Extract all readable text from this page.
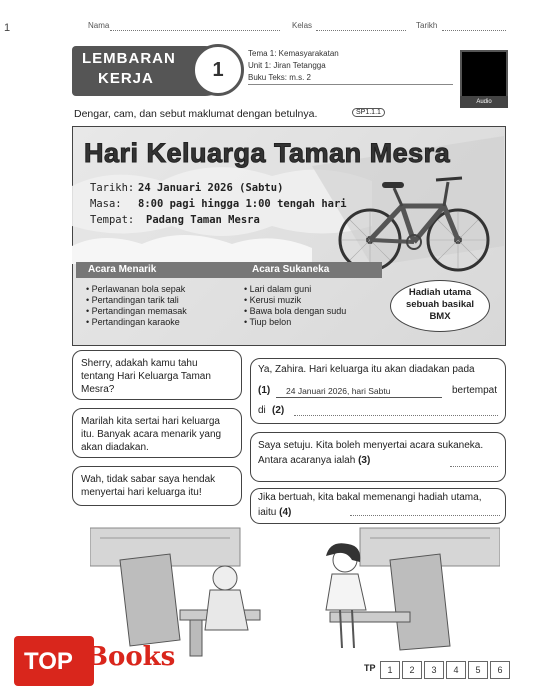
1	Nama	Kelas	Tarikh
LEMBARAN
KERJA	1
Tema 1: Kemasyarakatan
Unit 1: Jiran Tetangga
Buku Teks: m.s. 2
Audio
Dengar, cam, dan sebut maklumat dengan betulnya.	SP1.1.1
Hari Keluarga Taman Mesra
Tarikh: 24 Januari 2026 (Sabtu)
Masa: 8:00 pagi hingga 1:00 tengah hari
Tempat: Padang Taman Mesra
Acara Menarik	Acara Sukaneka
• Perlawanan bola sepak
• Pertandingan tarik tali
• Pertandingan memasak
• Pertandingan karaoke
• Lari dalam guni
• Kerusi muzik
• Bawa bola dengan sudu
• Tiup belon
Hadiah utama
sebuah basikal
BMX
Sherry, adakah kamu tahu tentang Hari Keluarga Taman Mesra?
Marilah kita sertai hari keluarga itu. Banyak acara menarik yang akan diadakan.
Wah, tidak sabar saya hendak menyertai hari keluarga itu!
Ya, Zahira. Hari keluarga itu akan diadakan pada
(1) 24 Januari 2026, hari Sabtu	bertempat
di (2)
Saya setuju. Kita boleh menyertai acara sukaneka. Antara acaranya ialah (3)
Jika bertuah, kita bakal memenangi hadiah utama, iaitu (4)
TP	1	2	3	4	5	6
TOP Books
